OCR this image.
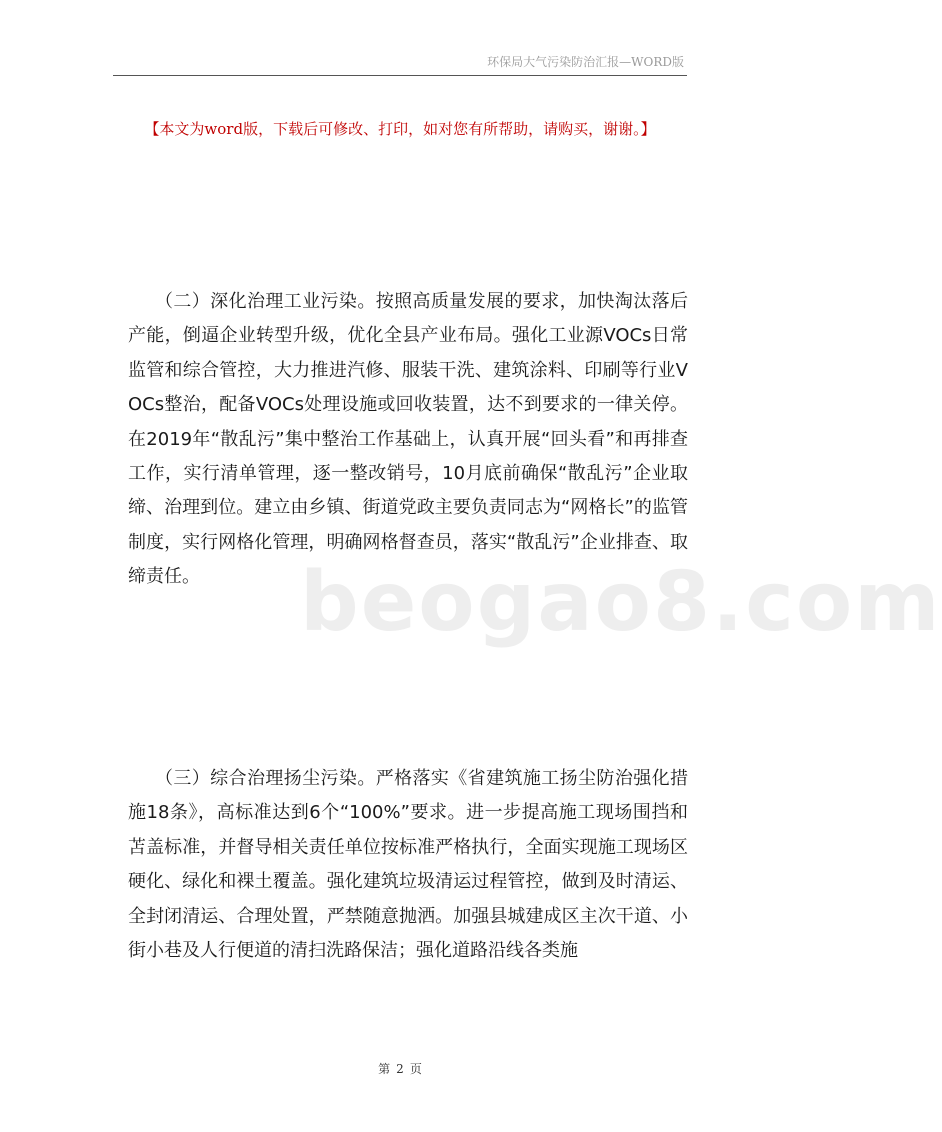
环保局大气污染防治汇报—WORD版
【本文为word版，下载后可修改、打印，如对您有所帮助，请购买，谢谢。】

（二）深化治理工业污染。按照高质量发展的要求，加快淘汰落后产能，倒逼企业转型升级，优化全县产业布局。强化工业源VOCs日常监管和综合管控，大力推进汽修、服装干洗、建筑涂料、印刷等行业VOCs整治，配备VOCs处理设施或回收装置，达不到要求的一律关停。在2019年“散乱污”集中整治工作基础上，认真开展“回头看”和再排查工作，实行清单管理，逐一整改销号，10月底前确保“散乱污”企业取缔、治理到位。建立由乡镇、街道党政主要负责同志为“网格长”的监管制度，实行网格化管理，明确网格督查员，落实“散乱污”企业排查、取缔责任。	beogao8.com

（三）综合治理扬尘污染。严格落实《省建筑施工扬尘防治强化措施18条》，高标准达到6个“100%”要求。进一步提高施工现场围挡和苫盖标准，并督导相关责任单位按标准严格执行，全面实现施工现场区硬化、绿化和裸土覆盖。强化建筑垃圾清运过程管控，做到及时清运、全封闭清运、合理处置，严禁随意抛洒。加强县城建成区主次干道、小街小巷及人行便道的清扫洗路保洁；强化道路沿线各类施

第 2 页
